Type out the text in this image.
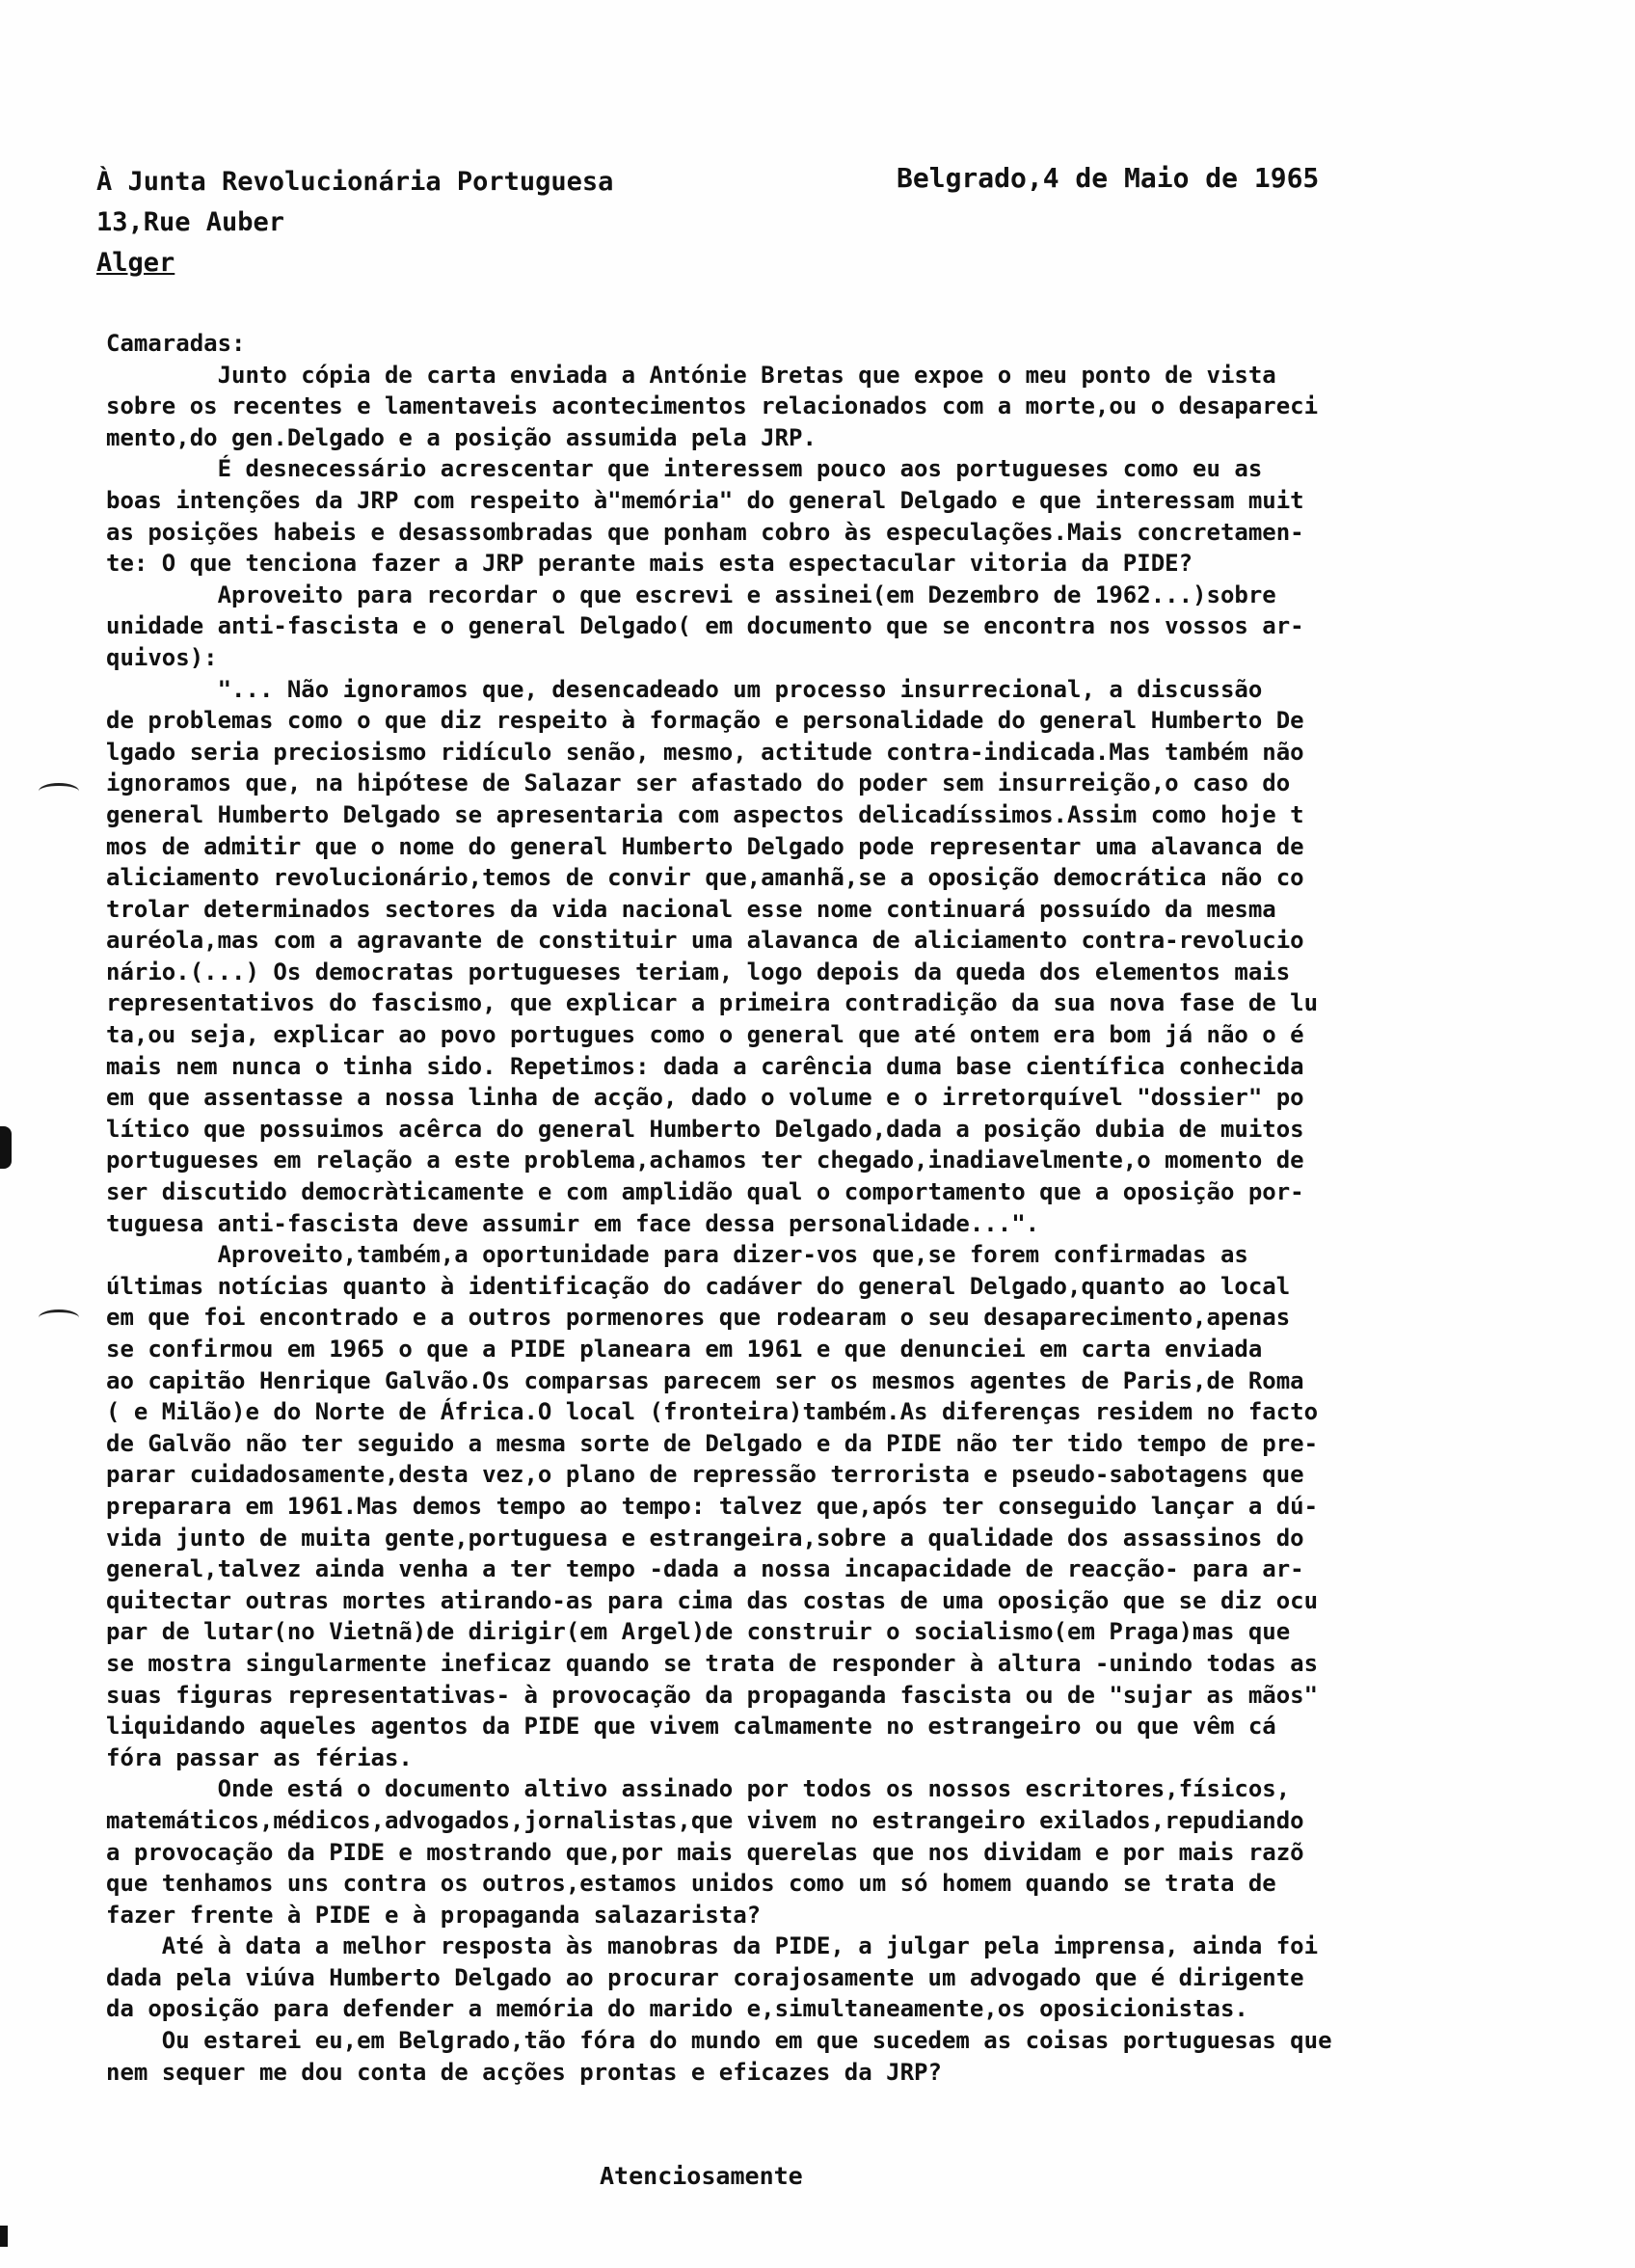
À Junta Revolucionária Portuguesa
13,Rue Auber
Alger
Belgrado,4 de Maio de 1965
Camaradas:
Junto cópia de carta enviada a Antónie Bretas que expoe o meu ponto de vista
sobre os recentes e lamentaveis acontecimentos relacionados com a morte,ou o desapareci
mento,do gen.Delgado e a posição assumida pela JRP.
É desnecessário acrescentar que interessem pouco aos portugueses como eu as
boas intenções da JRP com respeito à"memória" do general Delgado e que interessam muit
as posições habeis e desassombradas que ponham cobro às especulações.Mais concretamen-
te: O que tenciona fazer a JRP perante mais esta espectacular vitoria da PIDE?
Aproveito para recordar o que escrevi e assinei(em Dezembro de 1962...)sobre
unidade anti-fascista e o general Delgado( em documento que se encontra nos vossos ar-
quivos):
"... Não ignoramos que, desencadeado um processo insurrecional, a discussão
de problemas como o que diz respeito à formação e personalidade do general Humberto De
lgado seria preciosismo ridículo senão, mesmo, actitude contra-indicada.Mas também não
ignoramos que, na hipótese de Salazar ser afastado do poder sem insurreição,o caso do
general Humberto Delgado se apresentaria com aspectos delicadíssimos.Assim como hoje t
mos de admitir que o nome do general Humberto Delgado pode representar uma alavanca de
aliciamento revolucionário,temos de convir que,amanhã,se a oposição democrática não co
trolar determinados sectores da vida nacional esse nome continuará possuído da mesma
auréola,mas com a agravante de constituir uma alavanca de aliciamento contra-revolucio
nário.(...) Os democratas portugueses teriam, logo depois da queda dos elementos mais
representativos do fascismo, que explicar a primeira contradição da sua nova fase de lu
ta,ou seja, explicar ao povo portugues como o general que até ontem era bom já não o é
mais nem nunca o tinha sido. Repetimos: dada a carência duma base científica conhecida
em que assentasse a nossa linha de acção, dado o volume e o irretorquível "dossier" po
lítico que possuimos acêrca do general Humberto Delgado,dada a posição dubia de muitos
portugueses em relação a este problema,achamos ter chegado,inadiavelmente,o momento de
ser discutido democràticamente e com amplidão qual o comportamento que a oposição por-
tuguesa anti-fascista deve assumir em face dessa personalidade...".
Aproveito,também,a oportunidade para dizer-vos que,se forem confirmadas as
últimas notícias quanto à identificação do cadáver do general Delgado,quanto ao local
em que foi encontrado e a outros pormenores que rodearam o seu desaparecimento,apenas
se confirmou em 1965 o que a PIDE planeara em 1961 e que denunciei em carta enviada
ao capitão Henrique Galvão.Os comparsas parecem ser os mesmos agentes de Paris,de Roma
( e Milão)e do Norte de África.O local (fronteira)também.As diferenças residem no facto
de Galvão não ter seguido a mesma sorte de Delgado e da PIDE não ter tido tempo de pre-
parar cuidadosamente,desta vez,o plano de repressão terrorista e pseudo-sabotagens que
preparara em 1961.Mas demos tempo ao tempo: talvez que,após ter conseguido lançar a dú-
vida junto de muita gente,portuguesa e estrangeira,sobre a qualidade dos assassinos do
general,talvez ainda venha a ter tempo -dada a nossa incapacidade de reacção- para ar-
quitectar outras mortes atirando-as para cima das costas de uma oposição que se diz ocu
par de lutar(no Vietnã)de dirigir(em Argel)de construir o socialismo(em Praga)mas que
se mostra singularmente ineficaz quando se trata de responder à altura -unindo todas as
suas figuras representativas- à provocação da propaganda fascista ou de "sujar as mãos"
liquidando aqueles agentos da PIDE que vivem calmamente no estrangeiro ou que vêm cá
fóra passar as férias.
Onde está o documento altivo assinado por todos os nossos escritores,físicos,
matemáticos,médicos,advogados,jornalistas,que vivem no estrangeiro exilados,repudiando
a provocação da PIDE e mostrando que,por mais querelas que nos dividam e por mais razõ
que tenhamos uns contra os outros,estamos unidos como um só homem quando se trata de
fazer frente à PIDE e à propaganda salazarista?
Até à data a melhor resposta às manobras da PIDE, a julgar pela imprensa, ainda foi
dada pela viúva Humberto Delgado ao procurar corajosamente um advogado que é dirigente
da oposição para defender a memória do marido e,simultaneamente,os oposicionistas.
Ou estarei eu,em Belgrado,tão fóra do mundo em que sucedem as coisas portuguesas que
nem sequer me dou conta de acções prontas e eficazes da JRP?
Atenciosamente
